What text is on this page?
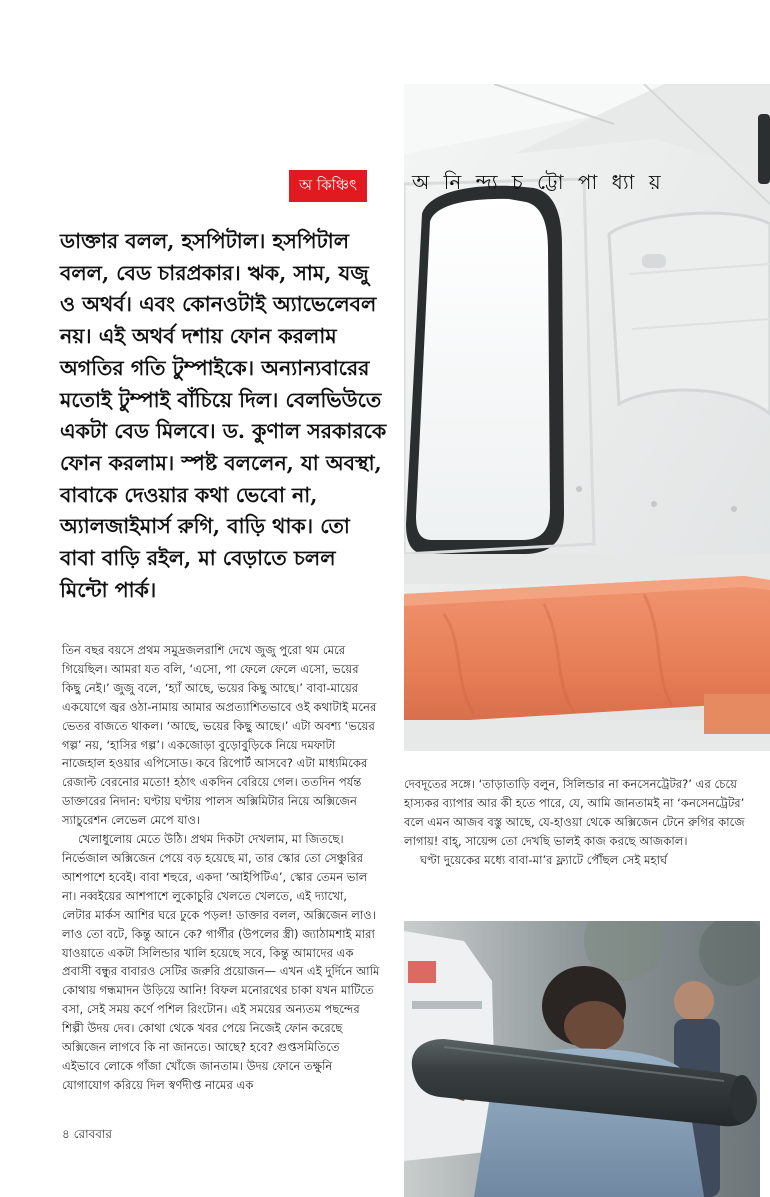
অ নি ন্দ্য চ ট্টো পা ধ্যা য়
অ কিঞ্চিৎ

ডাক্তার বলল, হসপিটাল। হসপিটাল বলল, বেড চারপ্রকার। ঋক, সাম, যজু ও অথর্ব। এবং কোনওটাই অ্যাভেলেবল নয়। এই অথর্ব দশায় ফোন করলাম অগতির গতি টুম্পাইকে। অন্যান্যবারের মতোই টুম্পাই বাঁচিয়ে দিল। বেলভিউতে একটা বেড মিলবে। ড. কুণাল সরকারকে ফোন করলাম। স্পষ্ট বললেন, যা অবস্থা, বাবাকে দেওয়ার কথা ভেবো না, অ্যালজাইমার্স রুগি, বাড়ি থাক। তো বাবা বাড়ি রইল, মা বেড়াতে চলল মিন্টো পার্ক।

তিন বছর বয়সে প্রথম সমুদ্রজলরাশি দেখে জুজু পুরো থম মেরে গিয়েছিল। আমরা যত বলি, ‘এসো, পা ফেলে ফেলে এসো, ভয়ের কিছু নেই।’ জুজু বলে, ‘হ্যাঁ আছে, ভয়ের কিছু আছে।’ বাবা-মায়ের একযোগে জ্বর ওঠা-নামায় আমার অপ্রত্যাশিতভাবে ওই কথাটাই মনের ভেতর বাজতে থাকল। ‘আছে, ভয়ের কিছু আছে।’ এটা অবশ্য ‘ভয়ের গল্প’ নয়, ‘হাসির গল্প’। একজোড়া বুড়োবুড়িকে নিয়ে দমফাটা নাজেহাল হওয়ার এপিসোড। কবে রিপোর্ট আসবে? এটা মাধ্যমিকের রেজাল্ট বেরনোর মতো! হঠাৎ একদিন বেরিয়ে গেল। ততদিন পর্যন্ত ডাক্তারের নিদান: ঘণ্টায় ঘণ্টায় পালস অক্সিমিটার নিয়ে অক্সিজেন স্যাচুরেশন লেভেল মেপে যাও।
খেলাধুলোয় মেতে উঠি। প্রথম দিকটা দেখলাম, মা জিতছে। নির্ভেজাল অক্সিজেন পেয়ে বড় হয়েছে মা, তার স্কোর তো সেঞ্চুরির আশপাশে হবেই। বাবা শহুরে, একদা ‘আইপিটিএ’, স্কোর তেমন ভাল না। নব্বইয়ের আশপাশে লুকোচুরি খেলতে খেলতে, এই দ্যাখো, লেটার মার্কস আশির ঘরে ঢুকে পড়ল! ডাক্তার বলল, অক্সিজেন লাও। লাও তো বটে, কিন্তু আনে কে? গার্গীর (উপলের স্ত্রী) জ্যাঠামশাই মারা যাওয়াতে একটা সিলিন্ডার খালি হয়েছে সবে, কিন্তু আমাদের এক প্রবাসী বন্ধুর বাবারও সেটির জরুরি প্রয়োজন— এখন এই দুর্দিনে আমি কোথায় গন্ধমাদন উড়িয়ে আনি! বিফল মনোরথের চাকা যখন মাটিতে বসা, সেই সময় কর্ণে পশিল রিংটোন। এই সময়ের অন্যতম পছন্দের শিল্পী উদয় দেব। কোথা থেকে খবর পেয়ে নিজেই ফোন করেছে অক্সিজেন লাগবে কি না জানতে। আছে? হবে? গুপ্তসমিতিতে এইভাবে লোকে গাঁজা খোঁজে জানতাম। উদয় ফোনে তক্ষুনি যোগাযোগ করিয়ে দিল স্বর্ণদীপ্ত নামের এক
দেবদূতের সঙ্গে। ‘তাড়াতাড়ি বলুন, সিলিন্ডার না কনসেনট্রেটর?’ এর চেয়ে হাস্যকর ব্যাপার আর কী হতে পারে, যে, আমি জানতামই না ‘কনসেনট্রেটর’ বলে এমন আজব বস্তু আছে, যে-হাওয়া থেকে অক্সিজেন টেনে রুগির কাজে লাগায়! বাহ্‌, সায়েন্স তো দেখছি ভালই কাজ করছে আজকাল।
ঘণ্টা দুয়েকের মধ্যে বাবা-মা’র ফ্ল্যাটে পৌঁছল সেই মহার্ঘ
৪ রোববার
